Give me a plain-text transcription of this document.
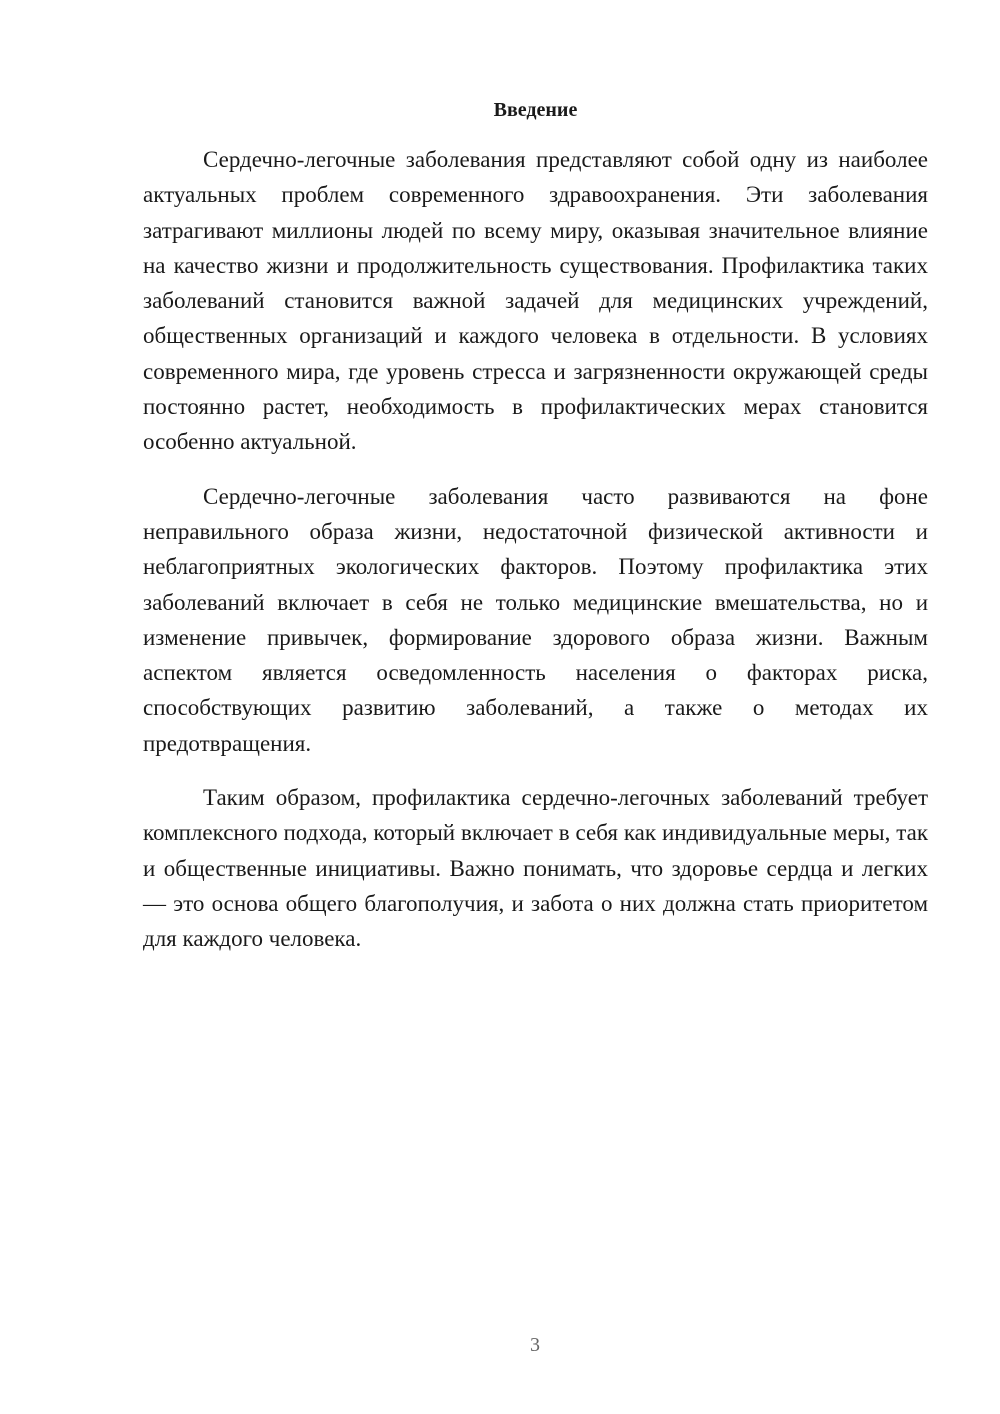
Введение

Сердечно-легочные заболевания представляют собой одну из наиболее актуальных проблем современного здравоохранения. Эти заболевания затрагивают миллионы людей по всему миру, оказывая значительное влияние на качество жизни и продолжительность существования. Профилактика таких заболеваний становится важной задачей для медицинских учреждений, общественных организаций и каждого человека в отдельности. В условиях современного мира, где уровень стресса и загрязненности окружающей среды постоянно растет, необходимость в профилактических мерах становится особенно актуальной.

Сердечно-легочные заболевания часто развиваются на фоне неправильного образа жизни, недостаточной физической активности и неблагоприятных экологических факторов. Поэтому профилактика этих заболеваний включает в себя не только медицинские вмешательства, но и изменение привычек, формирование здорового образа жизни. Важным аспектом является осведомленность населения о факторах риска, способствующих развитию заболеваний, а также о методах их предотвращения.

Таким образом, профилактика сердечно-легочных заболеваний требует комплексного подхода, который включает в себя как индивидуальные меры, так и общественные инициативы. Важно понимать, что здоровье сердца и легких — это основа общего благополучия, и забота о них должна стать приоритетом для каждого человека.

3
